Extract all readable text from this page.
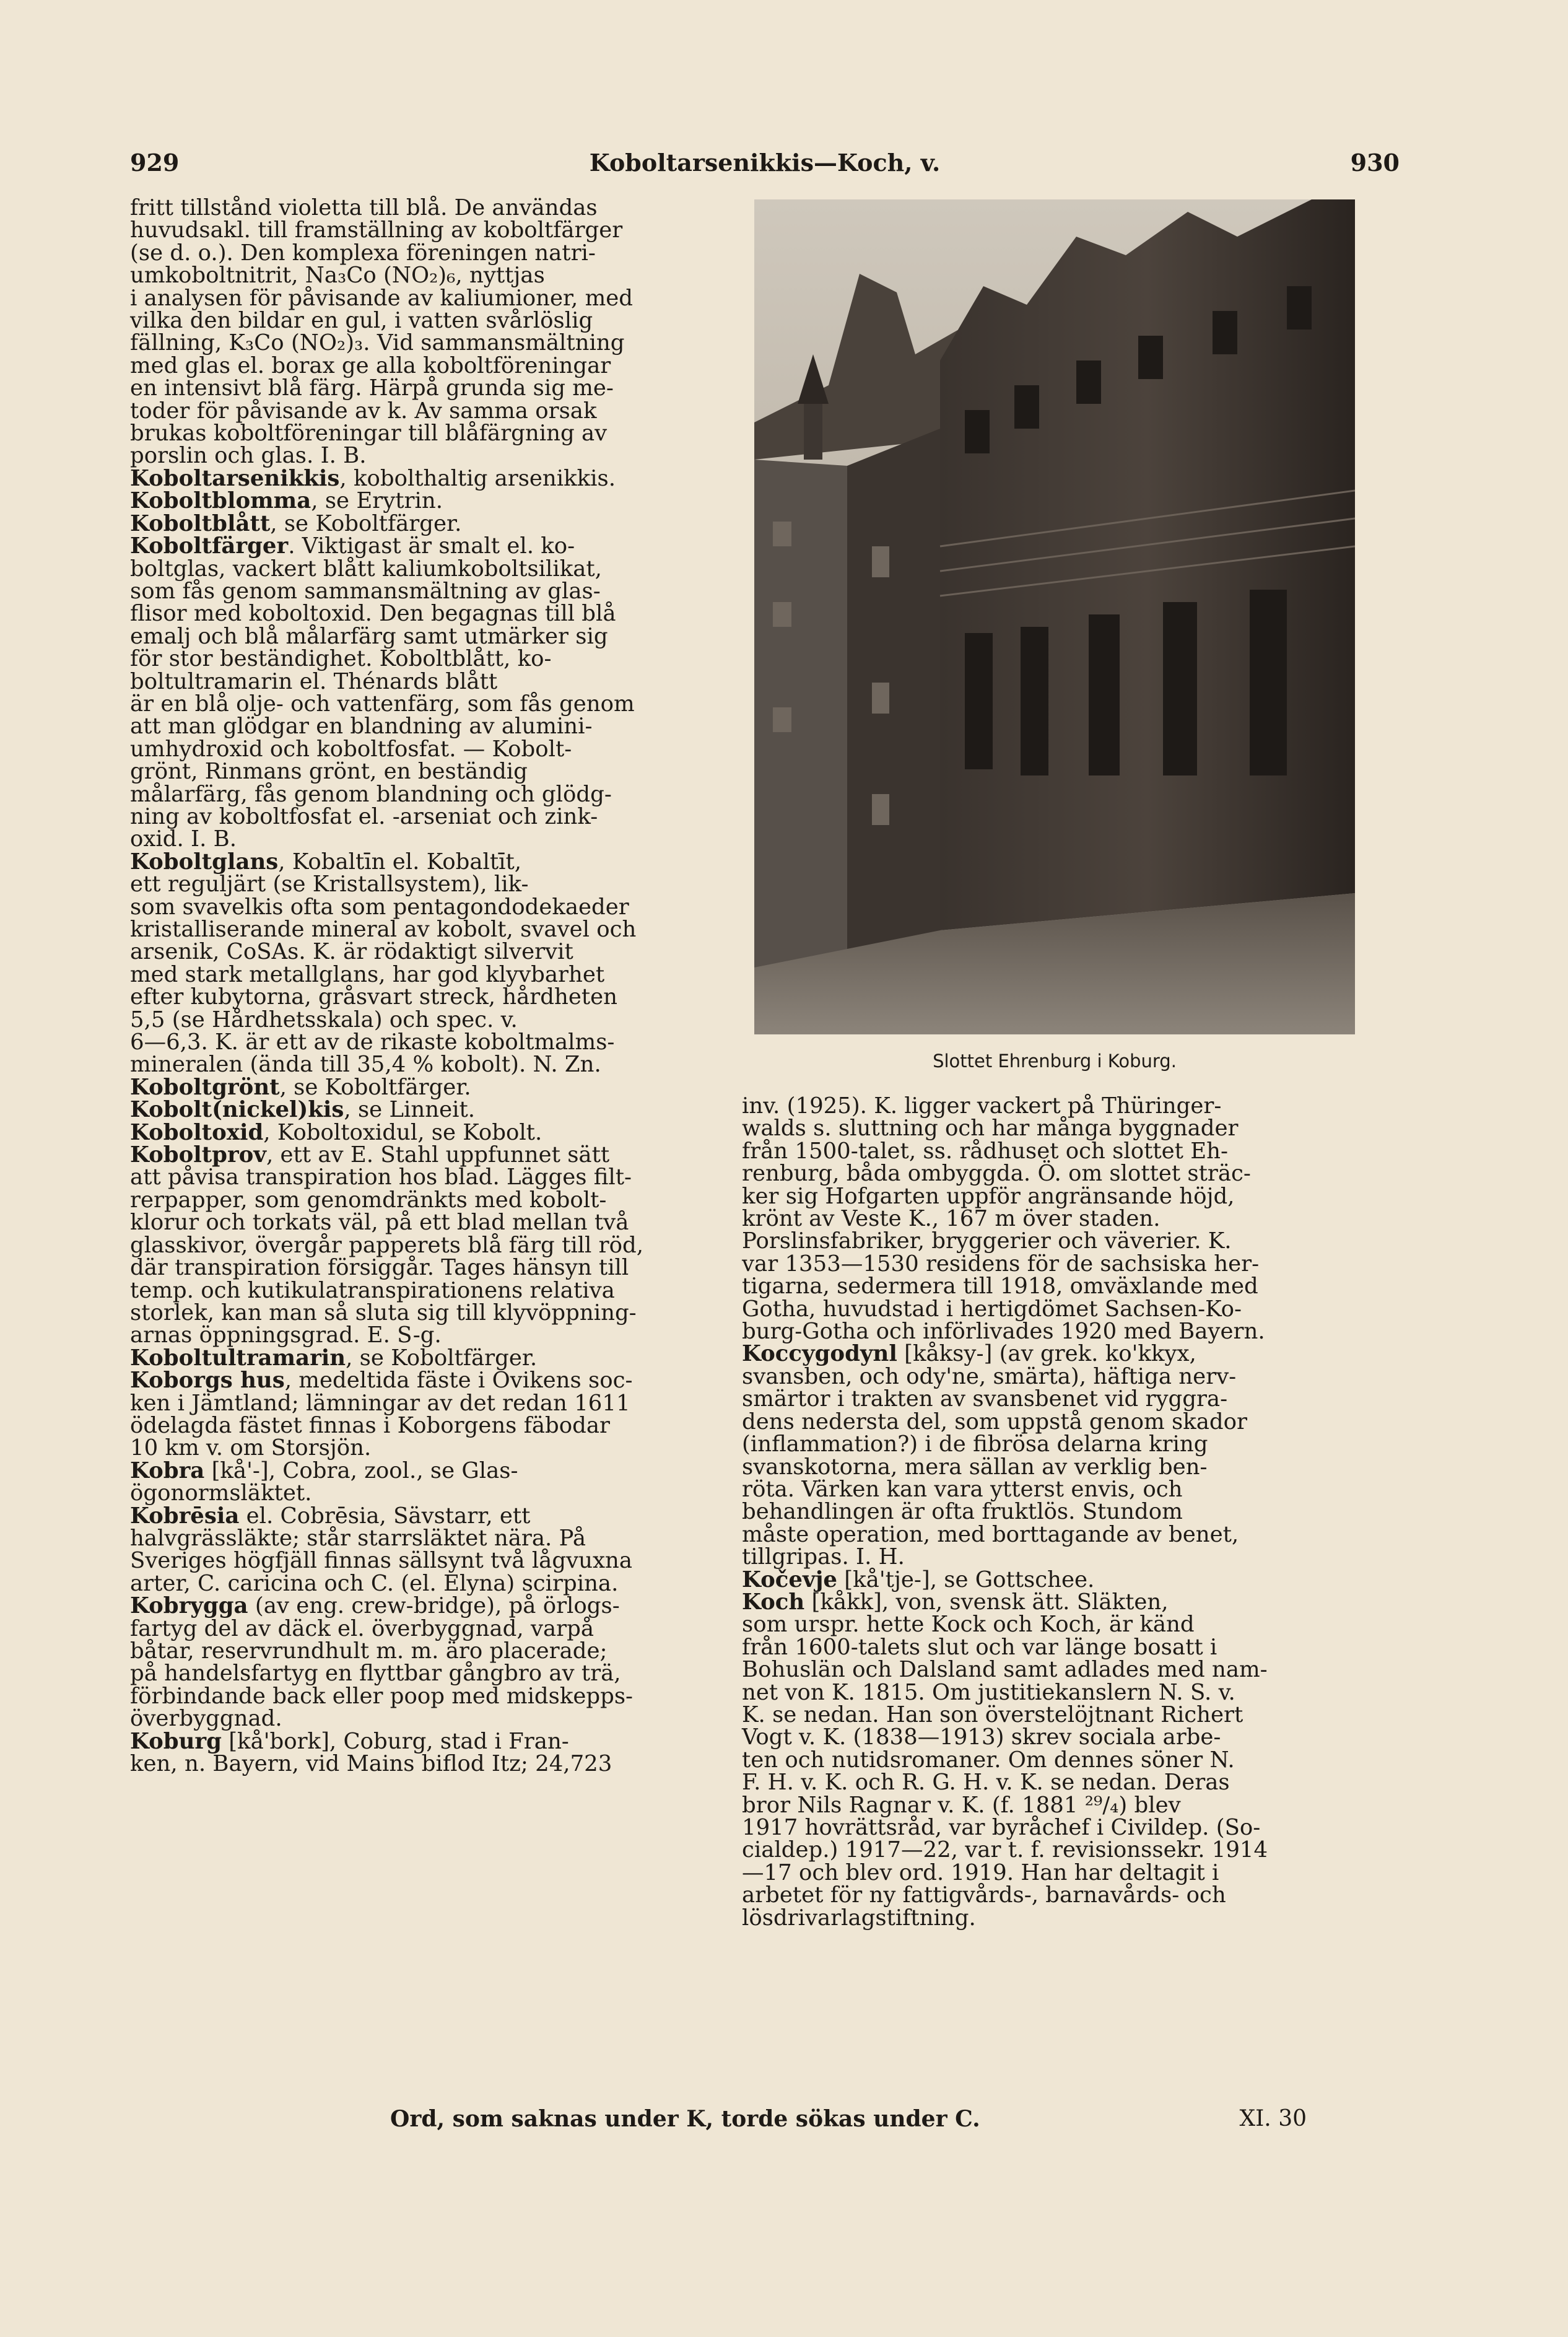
929	Koboltarsenikkis—Koch, v.	930

fritt tillstånd violetta till blå. De användas

huvudsakl. till framställning av koboltfärger

(se d. o.). Den komplexa föreningen natri-

umkoboltnitrit, Na₃Co (NO₂)₆, nyttjas

i analysen för påvisande av kaliumioner, med

vilka den bildar en gul, i vatten svårlöslig

fällning, K₃Co (NO₂)₃. Vid sammansmältning

med glas el. borax ge alla koboltföreningar

en intensivt blå färg. Härpå grunda sig me-

toder för påvisande av k. Av samma orsak

brukas koboltföreningar till blåfärgning av

porslin och glas. I. B.

Koboltarsenikkis, kobolthaltig arsenikkis.

Koboltblomma, se Erytrin.

Koboltblått, se Koboltfärger.

Koboltfärger. Viktigast är smalt el. ko-

boltglas, vackert blått kaliumkoboltsilikat,

som fås genom sammansmältning av glas-

flisor med koboltoxid. Den begagnas till blå

emalj och blå målarfärg samt utmärker sig

för stor beständighet. Koboltblått, ko-

boltultramarin el. Thénards blått

är en blå olje- och vattenfärg, som fås genom

att man glödgar en blandning av alumini-

umhydroxid och koboltfosfat. — Kobolt-

grönt, Rinmans grönt, en beständig

målarfärg, fås genom blandning och glödg-

ning av koboltfosfat el. -arseniat och zink-

oxid. I. B.

Koboltglans, Kobaltīn el. Kobaltīt,

ett reguljärt (se Kristallsystem), lik-

som svavelkis ofta som pentagondodekaeder

kristalliserande mineral av kobolt, svavel och

arsenik, CoSAs. K. är rödaktigt silvervit

med stark metallglans, har god klyvbarhet

efter kubytorna, gråsvart streck, hårdheten

5,5 (se Hårdhetsskala) och spec. v.

6—6,3. K. är ett av de rikaste koboltmalms-

mineralen (ända till 35,4 % kobolt). N. Zn.

Koboltgrönt, se Koboltfärger.

Kobolt(nickel)kis, se Linneit.

Koboltoxid, Koboltoxidul, se Kobolt.

Koboltprov, ett av E. Stahl uppfunnet sätt

att påvisa transpiration hos blad. Lägges filt-

rerpapper, som genomdränkts med kobolt-

klorur och torkats väl, på ett blad mellan två

glasskivor, övergår papperets blå färg till röd,

där transpiration försiggår. Tages hänsyn till

temp. och kutikulatranspirationens relativa

storlek, kan man så sluta sig till klyvöppning-

arnas öppningsgrad. E. S-g.

Koboltultramarin, se Koboltfärger.

Koborgs hus, medeltida fäste i Ovikens soc-

ken i Jämtland; lämningar av det redan 1611

ödelagda fästet finnas i Koborgens fäbodar

10 km v. om Storsjön.

Kobra [kå'-], Cobra, zool., se Glas-

ögonormsläktet.

Kobrēsia el. Cobrēsia, Sävstarr, ett

halvgrässläkte; står starrsläktet nära. På

Sveriges högfjäll finnas sällsynt två lågvuxna

arter, C. caricina och C. (el. Elyna) scirpina.

Kobrygga (av eng. crew-bridge), på örlogs-

fartyg del av däck el. överbyggnad, varpå

båtar, reservrundhult m. m. äro placerade;

på handelsfartyg en flyttbar gångbro av trä,

förbindande back eller poop med midskepps-

överbyggnad.

Koburg [kå'bork], Coburg, stad i Fran-

ken, n. Bayern, vid Mains biflod Itz; 24,723

Slottet Ehrenburg i Koburg.

inv. (1925). K. ligger vackert på Thüringer-

walds s. sluttning och har många byggnader

från 1500-talet, ss. rådhuset och slottet Eh-

renburg, båda ombyggda. Ö. om slottet sträc-

ker sig Hofgarten uppför angränsande höjd,

krönt av Veste K., 167 m över staden.

Porslinsfabriker, bryggerier och väverier. K.

var 1353—1530 residens för de sachsiska her-

tigarna, sedermera till 1918, omväxlande med

Gotha, huvudstad i hertigdömet Sachsen-Ko-

burg-Gotha och införlivades 1920 med Bayern.

Koccygodynl [kåksy-] (av grek. ko'kkyx,

svansben, och ody'ne, smärta), häftiga nerv-

smärtor i trakten av svansbenet vid ryggra-

dens nedersta del, som uppstå genom skador

(inflammation?) i de fibrösa delarna kring

svanskotorna, mera sällan av verklig ben-

röta. Värken kan vara ytterst envis, och

behandlingen är ofta fruktlös. Stundom

måste operation, med borttagande av benet,

tillgripas. I. H.

Kočevje [kå'tje-], se Gottschee.

Koch [kåkk], von, svensk ätt. Släkten,

som urspr. hette Kock och Koch, är känd

från 1600-talets slut och var länge bosatt i

Bohuslän och Dalsland samt adlades med nam-

net von K. 1815. Om justitiekanslern N. S. v.

K. se nedan. Han son överstelöjtnant Richert

Vogt v. K. (1838—1913) skrev sociala arbe-

ten och nutidsromaner. Om dennes söner N.

F. H. v. K. och R. G. H. v. K. se nedan. Deras

bror Nils Ragnar v. K. (f. 1881 ²⁹/₄) blev

1917 hovrättsråd, var byråchef i Civildep. (So-

cialdep.) 1917—22, var t. f. revisionssekr. 1914

—17 och blev ord. 1919. Han har deltagit i

arbetet för ny fattigvårds-, barnavårds- och

lösdrivarlagstiftning.

Ord, som saknas under K, torde sökas under C.	XI. 30
